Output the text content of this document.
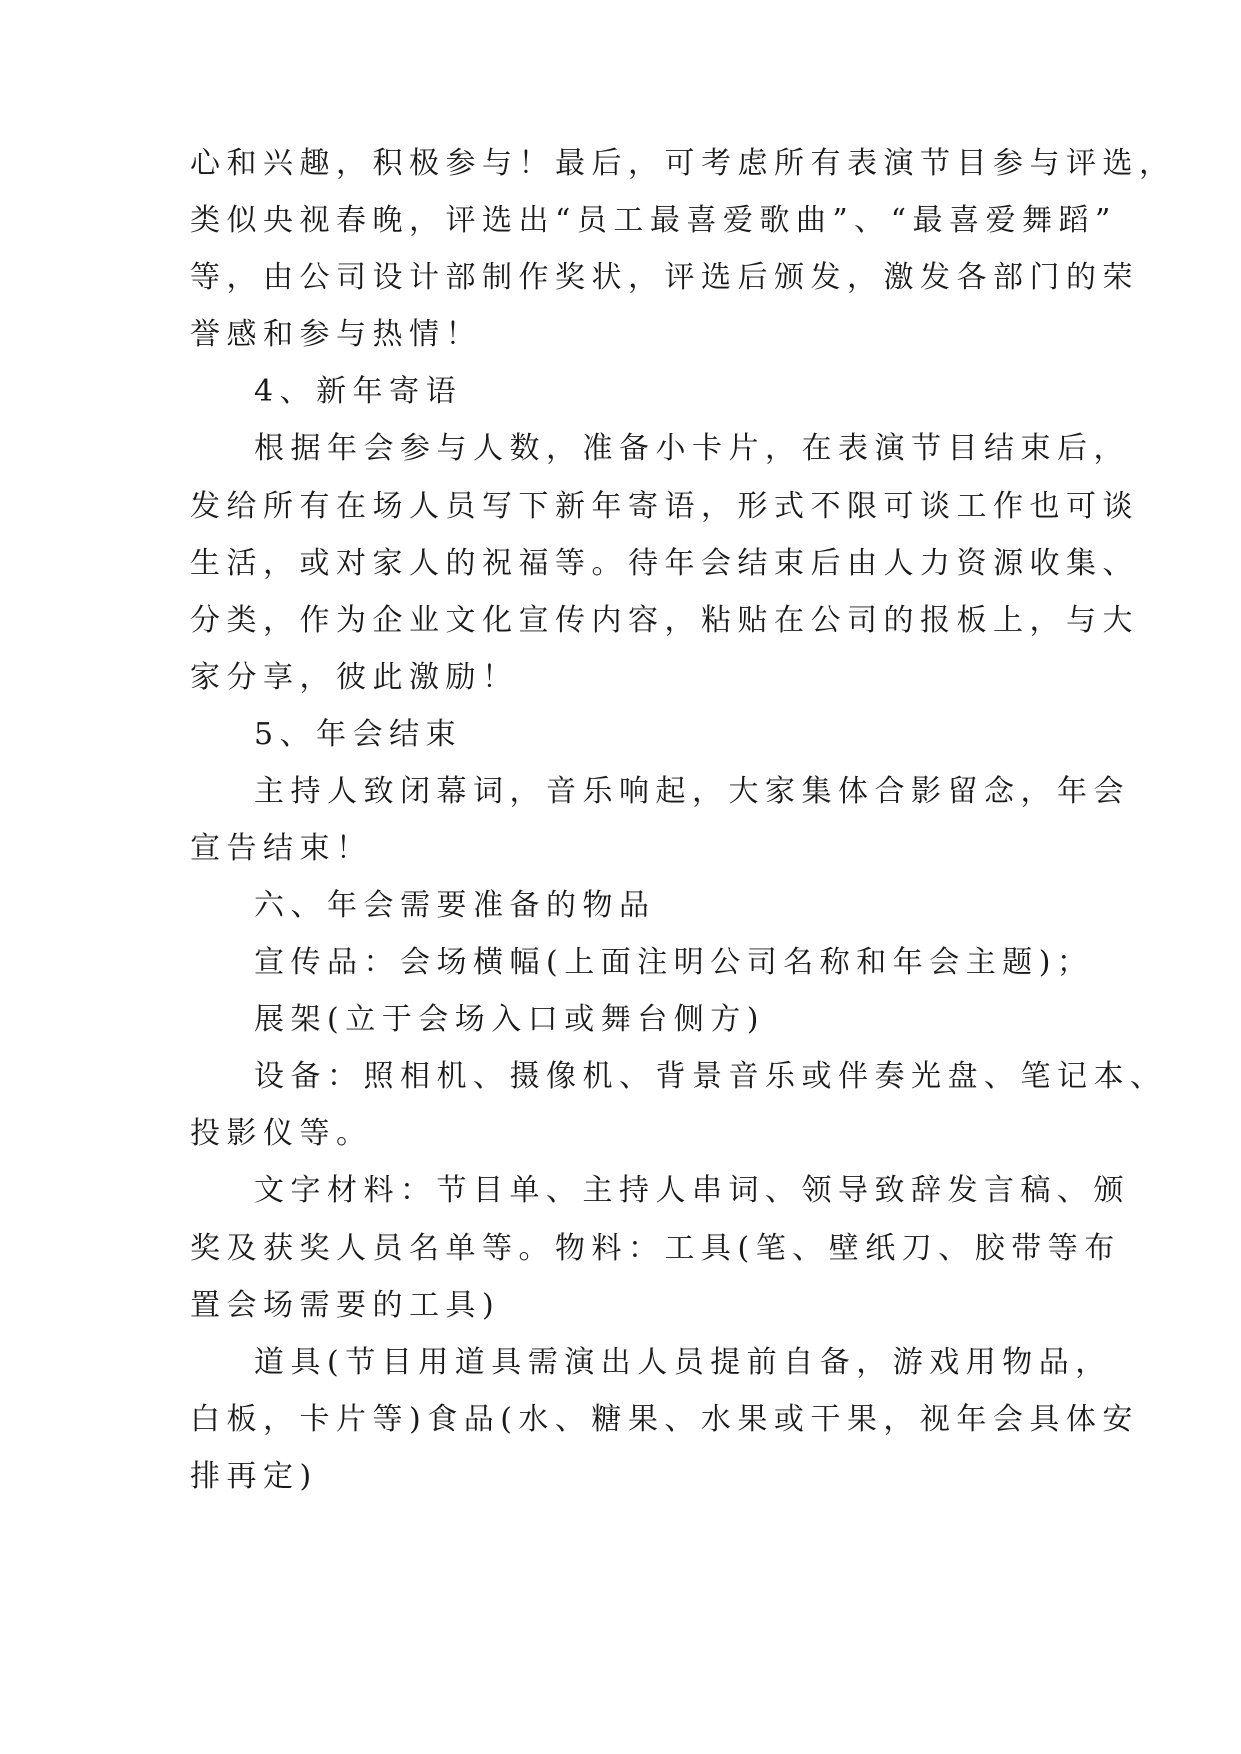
心和兴趣，积极参与！最后，可考虑所有表演节目参与评选，
类似央视春晚，评选出“员工最喜爱歌曲”、“最喜爱舞蹈”
等，由公司设计部制作奖状，评选后颁发，激发各部门的荣
誉感和参与热情！
4、新年寄语
根据年会参与人数，准备小卡片，在表演节目结束后，
发给所有在场人员写下新年寄语，形式不限可谈工作也可谈
生活，或对家人的祝福等。待年会结束后由人力资源收集、
分类，作为企业文化宣传内容，粘贴在公司的报板上，与大
家分享，彼此激励！
5、年会结束
主持人致闭幕词，音乐响起，大家集体合影留念，年会
宣告结束！
六、年会需要准备的物品
宣传品：会场横幅(上面注明公司名称和年会主题)；
展架(立于会场入口或舞台侧方)
设备：照相机、摄像机、背景音乐或伴奏光盘、笔记本、
投影仪等。
文字材料：节目单、主持人串词、领导致辞发言稿、颁
奖及获奖人员名单等。物料：工具(笔、壁纸刀、胶带等布
置会场需要的工具)
道具(节目用道具需演出人员提前自备，游戏用物品，
白板，卡片等)食品(水、糖果、水果或干果，视年会具体安
排再定)
